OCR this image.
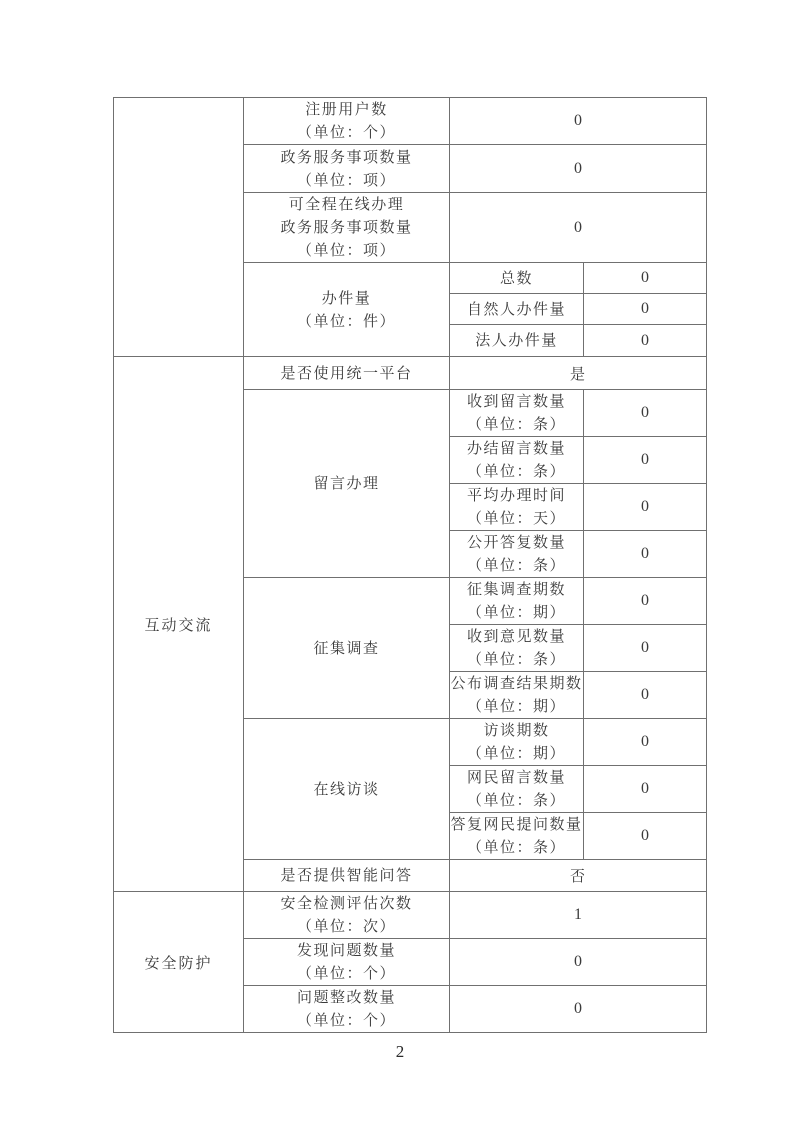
	注册用户数
（单位：个）	0	

	政务服务事项数量
（单位：项）	0	

	可全程在线办理
政务服务事项数量
（单位：项）	0	

	办件量
（单位：件）	总数	0
		自然人办件量	0
		法人办件量	0
互动交流	是否使用统一平台	是	
	留言办理	收到留言数量
（单位：条）	0

		办结留言数量
（单位：条）	0

		平均办理时间
（单位：天）	0

		公开答复数量
（单位：条）	0
	征集调查	征集调查期数
（单位：期）	0

		收到意见数量
（单位：条）	0

		公布调查结果期数
（单位：期）	0
	在线访谈	访谈期数
（单位：期）	0

		网民留言数量
（单位：条）	0

		答复网民提问数量
（单位：条）	0
	是否提供智能问答	否	
安全防护	安全检测评估次数
（单位：次）	1	

	发现问题数量
（单位：个）	0	

	问题整改数量
（单位：个）	0	
2
